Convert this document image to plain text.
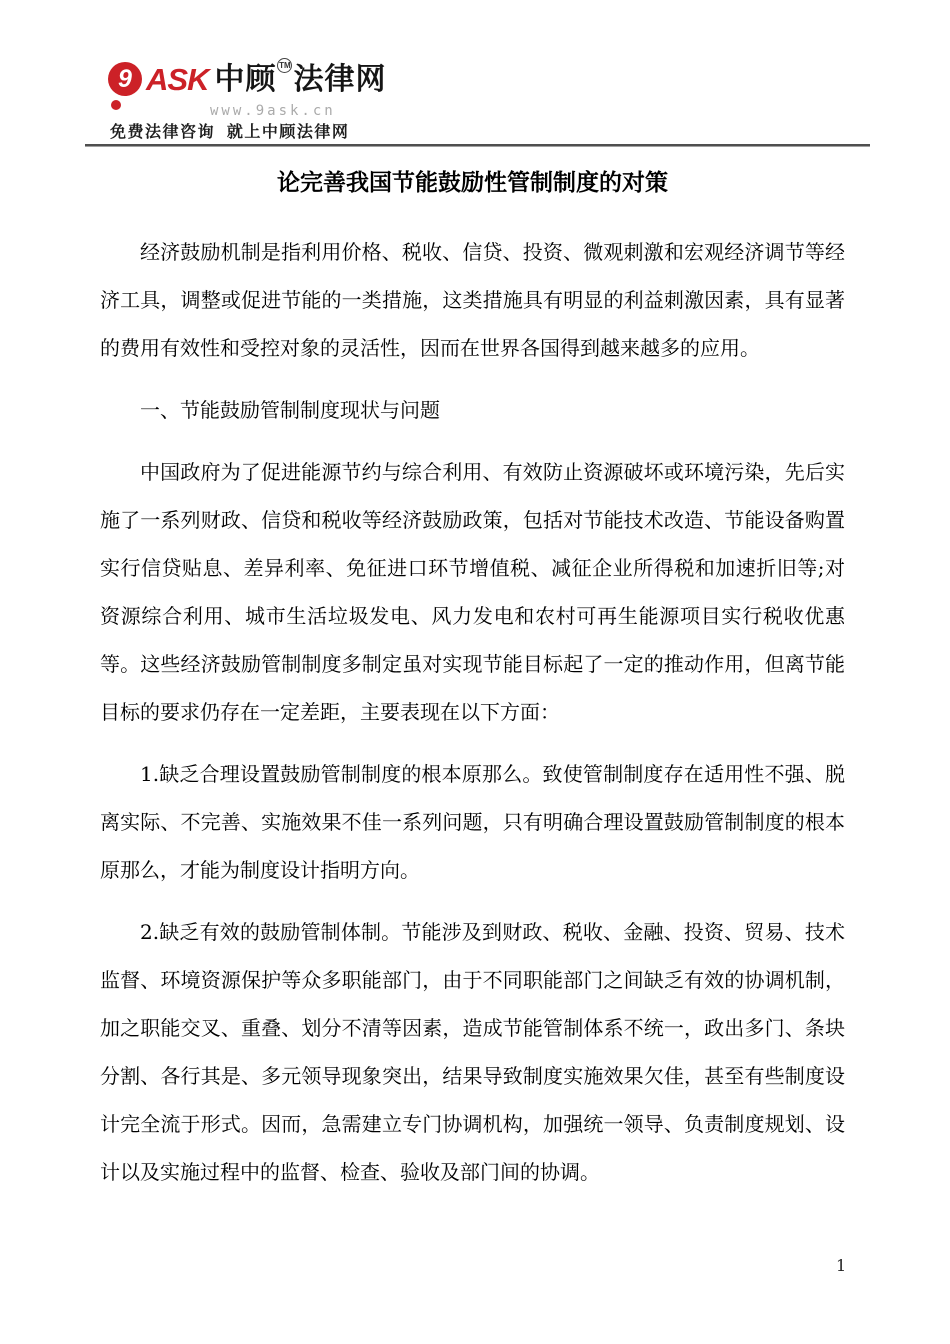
9 ASK 中顾 TM法律网
www.9ask.cn
免费法律咨询  就上中顾法律网
论完善我国节能鼓励性管制制度的对策

经济鼓励机制是指利用价格、税收、信贷、投资、微观刺激和宏观经济调节等经济工具，调整或促进节能的一类措施，这类措施具有明显的利益刺激因素，具有显著的费用有效性和受控对象的灵活性，因而在世界各国得到越来越多的应用。

一、节能鼓励管制制度现状与问题

中国政府为了促进能源节约与综合利用、有效防止资源破坏或环境污染，先后实施了一系列财政、信贷和税收等经济鼓励政策，包括对节能技术改造、节能设备购置实行信贷贴息、差异利率、免征进口环节增值税、减征企业所得税和加速折旧等;对资源综合利用、城市生活垃圾发电、风力发电和农村可再生能源项目实行税收优惠等。这些经济鼓励管制制度多制定虽对实现节能目标起了一定的推动作用，但离节能目标的要求仍存在一定差距，主要表现在以下方面：

1.缺乏合理设置鼓励管制制度的根本原那么。致使管制制度存在适用性不强、脱离实际、不完善、实施效果不佳一系列问题，只有明确合理设置鼓励管制制度的根本原那么，才能为制度设计指明方向。

2.缺乏有效的鼓励管制体制。节能涉及到财政、税收、金融、投资、贸易、技术监督、环境资源保护等众多职能部门，由于不同职能部门之间缺乏有效的协调机制，加之职能交叉、重叠、划分不清等因素，造成节能管制体系不统一，政出多门、条块分割、各行其是、多元领导现象突出，结果导致制度实施效果欠佳，甚至有些制度设计完全流于形式。因而，急需建立专门协调机构，加强统一领导、负责制度规划、设计以及实施过程中的监督、检查、验收及部门间的协调。

1
